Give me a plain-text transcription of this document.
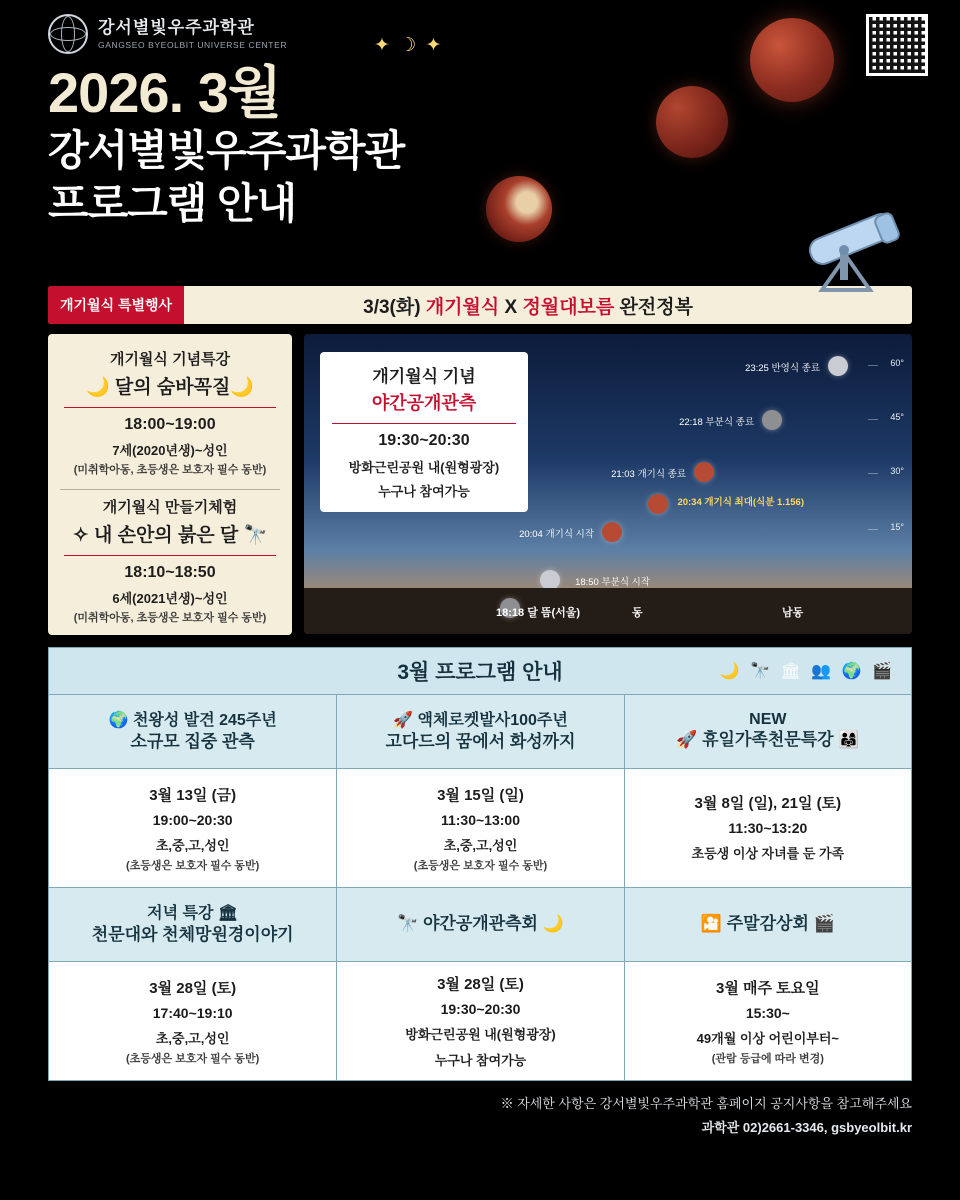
강서별빛우주과학관
GANGSEO BYEOLBIT UNIVERSE CENTER
2026. 3월
강서별빛우주과학관
프로그램 안내
✦ ☽ ✦
개기월식 특별행사	3/3(화) 개기월식 X 정월대보름 완전정복
개기월식 기념특강
🌙 달의 숨바꼭질🌙
18:00~19:00
7세(2020년생)~성인
(미취학아동, 초등생은 보호자 필수 동반)
개기월식 만들기체험
✧ 내 손안의 붉은 달 🔭
18:10~18:50
6세(2021년생)~성인
(미취학아동, 초등생은 보호자 필수 동반)
개기월식 기념
야간공개관측
19:30~20:30
방화근린공원 내(원형광장)
누구나 참여가능
60°
45°
30°
15°
23:25 반영식 종료
22:18 부분식 종료
21:03 개기식 종료
20:34 개기식 최대(식분 1.156)
20:04 개기식 시작
18:50 부분식 시작
18:18 달 뜸(서울)	동	남동
3월 프로그램 안내	🌙 🔭 🏛 👥 🌍 🎬
🌍 천왕성 발견 245주년
소규모 집중 관측
3월 13일 (금)
19:00~20:30
초,중,고,성인
(초등생은 보호자 필수 동반)
🚀 액체로켓발사100주년
고다드의 꿈에서 화성까지
3월 15일 (일)
11:30~13:00
초,중,고,성인
(초등생은 보호자 필수 동반)
NEW
🚀 휴일가족천문특강 👨‍👩‍👧
3월 8일 (일), 21일 (토)
11:30~13:20
초등생 이상 자녀를 둔 가족
저녁 특강 🏛
천문대와 천체망원경이야기
3월 28일 (토)
17:40~19:10
초,중,고,성인
(초등생은 보호자 필수 동반)
🔭 야간공개관측회 🌙
3월 28일 (토)
19:30~20:30
방화근린공원 내(원형광장)
누구나 참여가능
🎦 주말감상회 🎬
3월 매주 토요일
15:30~
49개월 이상 어린이부터~
(관람 등급에 따라 변경)
※ 자세한 사항은 강서별빛우주과학관 홈페이지 공지사항을 참고해주세요
과학관 02)2661-3346, gsbyeolbit.kr
